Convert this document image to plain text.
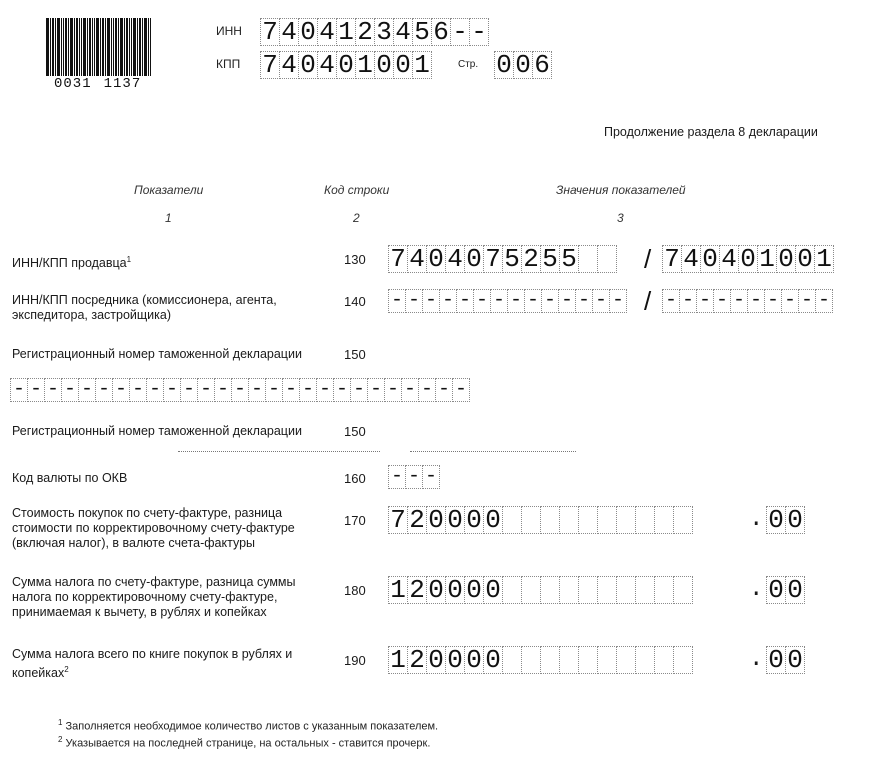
0031 1137
ИНН 7 4 0 4 1 2 3 4 5 6 - -
КПП 7 4 0 4 0 1 0 0 1	Стр. 0 0 6
Продолжение раздела 8 декларации
Показатели	Код строки	Значения показателей
1	2	3
ИНН/КПП продавца$^1$	130 7 4 0 4 0 7 5 2 5 5	/ 7 4 0 4 0 1 0 0 1
ИНН/КПП посредника (комиссионера, агента,
экспедитора, застройщика)
140 - - - - - - - - - - - - - - / - - - - - - - - - -
Регистрационный номер таможенной декларации	150
- - - - - - - - - - - - - - - - - - - - - - - - - - -
Регистрационный номер таможенной декларации	150
Код валюты по ОКВ	160 - - -
Стоимость покупок по счету-фактуре, разница
стоимости по корректировочному счету-фактуре
(включая налог), в валюте счета-фактуры
170 7 2 0 0 0 0	. 0 0
Сумма налога по счету-фактуре, разница суммы
налога по корректировочному счету-фактуре,
принимаемая к вычету, в рублях и копейках
180 1 2 0 0 0 0	. 0 0
Сумма налога всего по книге покупок в рублях и
копейках$^2$
190 1 2 0 0 0 0	. 0 0
$^1$ Заполняется необходимое количество листов с указанным показателем.
$^2$ Указывается на последней странице, на остальных - ставится прочерк.
